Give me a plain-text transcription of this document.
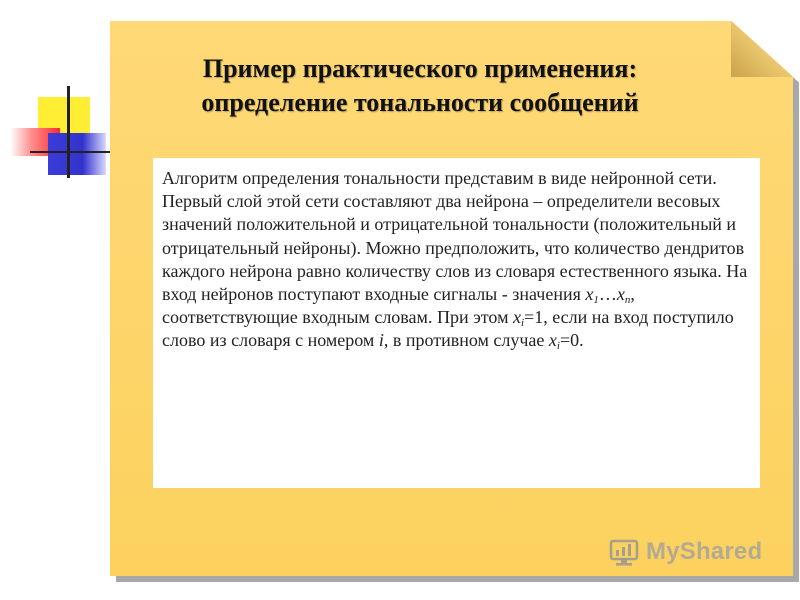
Пример практического применения:
определение тональности сообщений

Алгоритм определения тональности представим в виде нейронной сети. Первый слой этой сети составляют два нейрона – определители весовых значений положительной и отрицательной тональности (положительный и отрицательный нейроны). Можно предположить, что количество дендритов каждого нейрона равно количеству слов из словаря естественного языка. На вход нейронов поступают входные сигналы - значения $x_1\dots x_n$, соответствующие входным словам. При этом $x_i=1$, если на вход поступило слово из словаря с номером i, в противном случае $x_i=0$.

MyShared
